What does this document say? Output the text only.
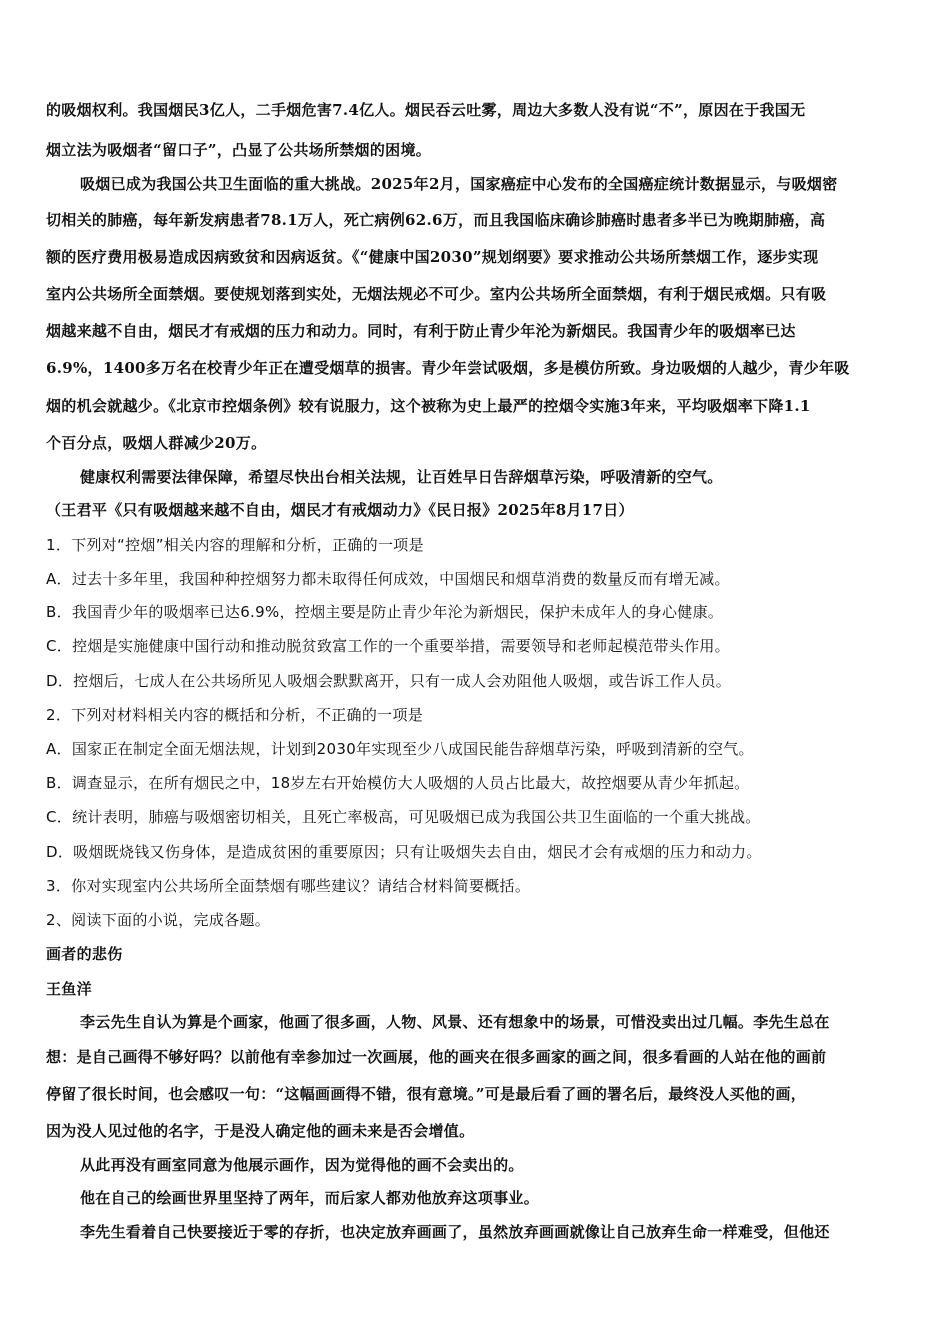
的吸烟权利。我国烟民3亿人，二手烟危害7.4亿人。烟民吞云吐雾，周边大多数人没有说“不”，原因在于我国无
烟立法为吸烟者“留口子”，凸显了公共场所禁烟的困境。
吸烟已成为我国公共卫生面临的重大挑战。2025年2月，国家癌症中心发布的全国癌症统计数据显示，与吸烟密
切相关的肺癌，每年新发病患者78.1万人，死亡病例62.6万，而且我国临床确诊肺癌时患者多半已为晚期肺癌，高
额的医疗费用极易造成因病致贫和因病返贫。《“健康中国2030”规划纲要》要求推动公共场所禁烟工作，逐步实现
室内公共场所全面禁烟。要使规划落到实处，无烟法规必不可少。室内公共场所全面禁烟，有利于烟民戒烟。只有吸
烟越来越不自由，烟民才有戒烟的压力和动力。同时，有利于防止青少年沦为新烟民。我国青少年的吸烟率已达
6.9%，1400多万名在校青少年正在遭受烟草的损害。青少年尝试吸烟，多是模仿所致。身边吸烟的人越少，青少年吸
烟的机会就越少。《北京市控烟条例》较有说服力，这个被称为史上最严的控烟令实施3年来，平均吸烟率下降1.1
个百分点，吸烟人群减少20万。
健康权利需要法律保障，希望尽快出台相关法规，让百姓早日告辞烟草污染，呼吸清新的空气。
（王君平《只有吸烟越来越不自由，烟民才有戒烟动力》《民日报》2025年8月17日）
1．下列对“控烟”相关内容的理解和分析，正确的一项是
A．过去十多年里，我国种种控烟努力都未取得任何成效，中国烟民和烟草消费的数量反而有增无减。
B．我国青少年的吸烟率已达6.9%，控烟主要是防止青少年沦为新烟民，保护未成年人的身心健康。
C．控烟是实施健康中国行动和推动脱贫致富工作的一个重要举措，需要领导和老师起模范带头作用。
D．控烟后，七成人在公共场所见人吸烟会默默离开，只有一成人会劝阻他人吸烟，或告诉工作人员。
2．下列对材料相关内容的概括和分析，不正确的一项是
A．国家正在制定全面无烟法规，计划到2030年实现至少八成国民能告辞烟草污染，呼吸到清新的空气。
B．调查显示，在所有烟民之中，18岁左右开始模仿大人吸烟的人员占比最大，故控烟要从青少年抓起。
C．统计表明，肺癌与吸烟密切相关，且死亡率极高，可见吸烟已成为我国公共卫生面临的一个重大挑战。
D．吸烟既烧钱又伤身体，是造成贫困的重要原因；只有让吸烟失去自由，烟民才会有戒烟的压力和动力。
3．你对实现室内公共场所全面禁烟有哪些建议？请结合材料简要概括。
2、阅读下面的小说，完成各题。
画者的悲伤
王鱼洋
李云先生自认为算是个画家，他画了很多画，人物、风景、还有想象中的场景，可惜没卖出过几幅。李先生总在
想：是自己画得不够好吗？以前他有幸参加过一次画展，他的画夹在很多画家的画之间，很多看画的人站在他的画前
停留了很长时间，也会感叹一句：“这幅画画得不错，很有意境。”可是最后看了画的署名后，最终没人买他的画，
因为没人见过他的名字，于是没人确定他的画未来是否会增值。
从此再没有画室同意为他展示画作，因为觉得他的画不会卖出的。
他在自己的绘画世界里坚持了两年，而后家人都劝他放弃这项事业。
李先生看着自己快要接近于零的存折，也决定放弃画画了，虽然放弃画画就像让自己放弃生命一样难受，但他还
